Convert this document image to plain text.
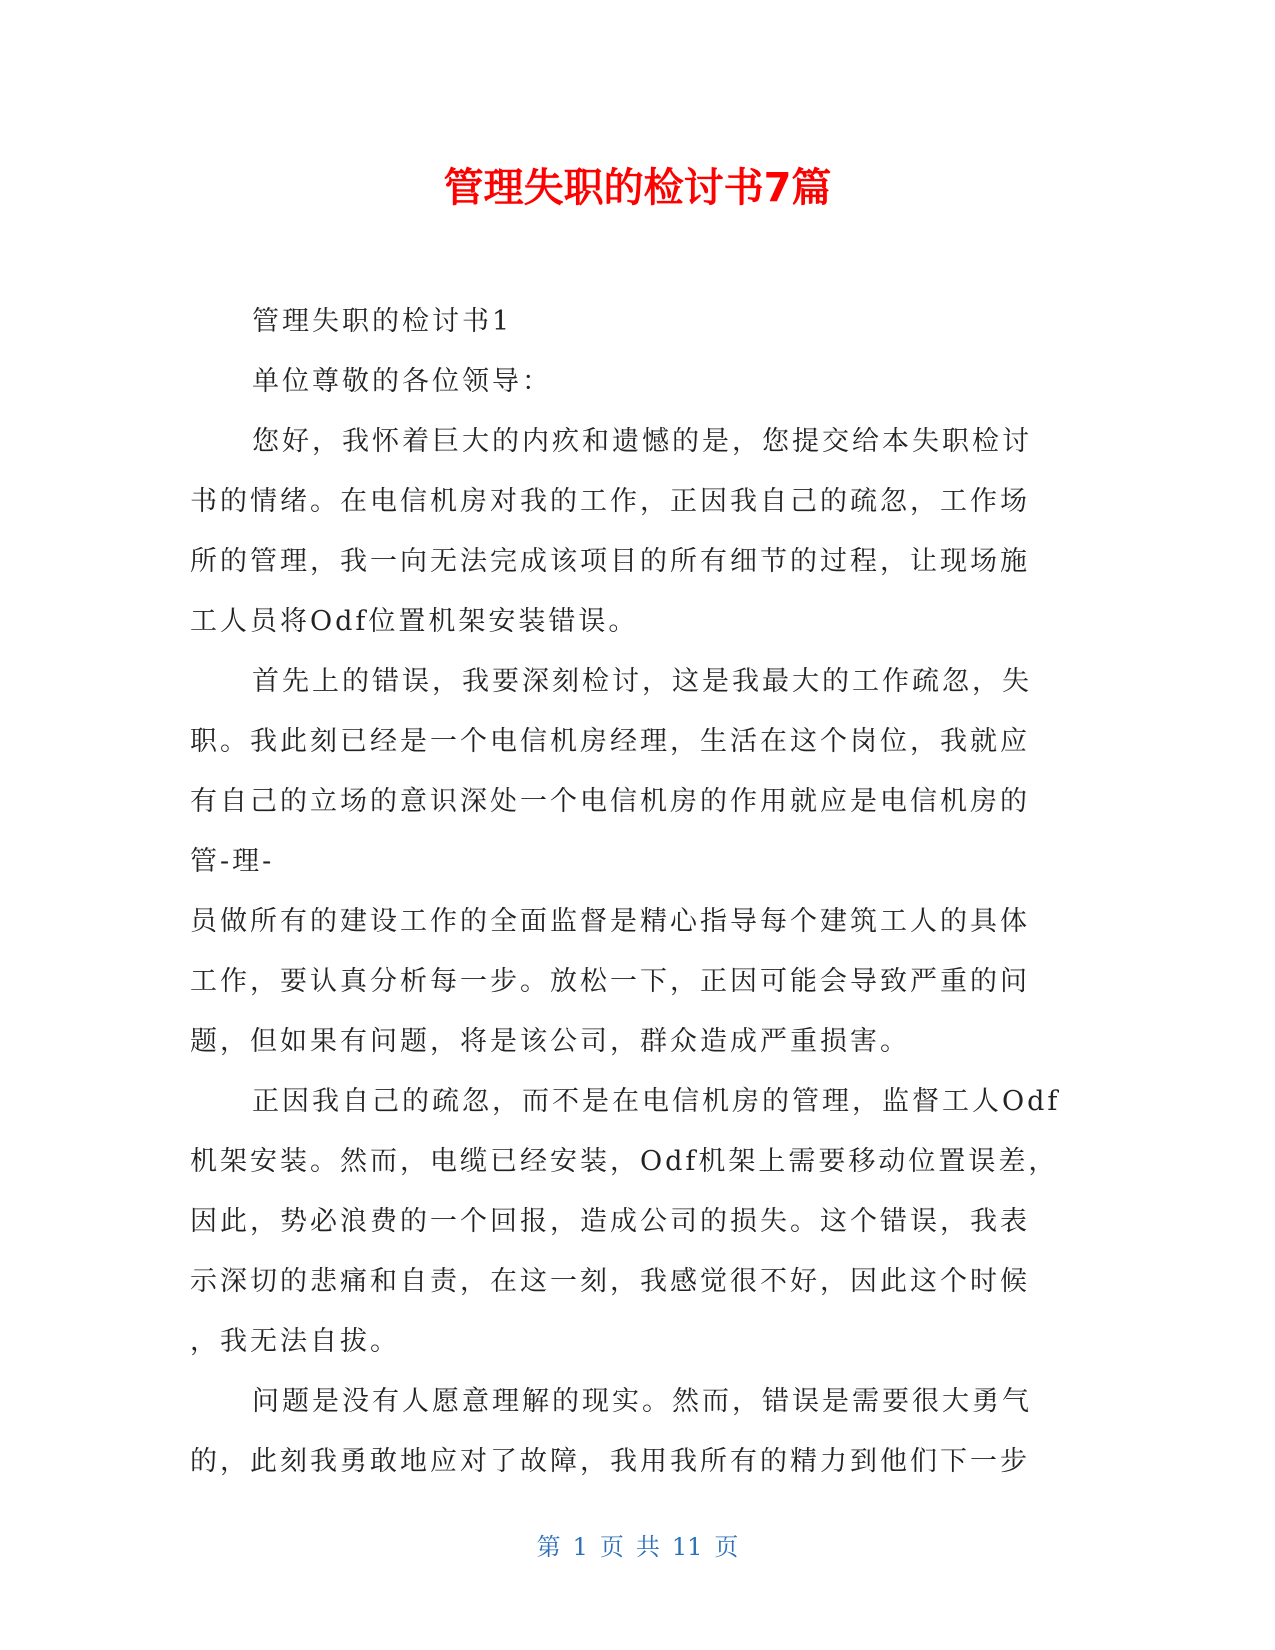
管理失职的检讨书7篇

管理失职的检讨书1

单位尊敬的各位领导：

您好，我怀着巨大的内疚和遗憾的是，您提交给本失职检讨

书的情绪。在电信机房对我的工作，正因我自己的疏忽，工作场

所的管理，我一向无法完成该项目的所有细节的过程，让现场施

工人员将Odf位置机架安装错误。

首先上的错误，我要深刻检讨，这是我最大的工作疏忽，失

职。我此刻已经是一个电信机房经理，生活在这个岗位，我就应

有自己的立场的意识深处一个电信机房的作用就应是电信机房的

管-理-

员做所有的建设工作的全面监督是精心指导每个建筑工人的具体

工作，要认真分析每一步。放松一下，正因可能会导致严重的问

题，但如果有问题，将是该公司，群众造成严重损害。

正因我自己的疏忽，而不是在电信机房的管理，监督工人Odf

机架安装。然而，电缆已经安装，Odf机架上需要移动位置误差，

因此，势必浪费的一个回报，造成公司的损失。这个错误，我表

示深切的悲痛和自责，在这一刻，我感觉很不好，因此这个时候

，我无法自拔。

问题是没有人愿意理解的现实。然而，错误是需要很大勇气

的，此刻我勇敢地应对了故障，我用我所有的精力到他们下一步

第 1 页 共 11 页
